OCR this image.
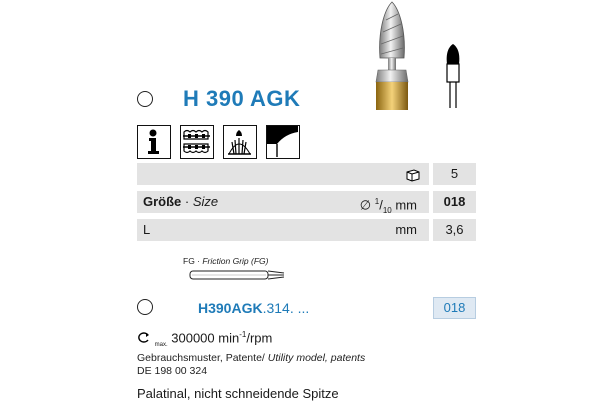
H 390 AGK
5
Größe · Size	∅ $^1/_{10}$ mm	018
L	mm	3,6
FG · Friction Grip (FG)
H390AGK.314. ...	018
$_{max.}$ 300000 $\min^{-1}$/rpm
Gebrauchsmuster, Patente/ Utility model, patents
DE 198 00 324
Palatinal, nicht schneidende Spitze
